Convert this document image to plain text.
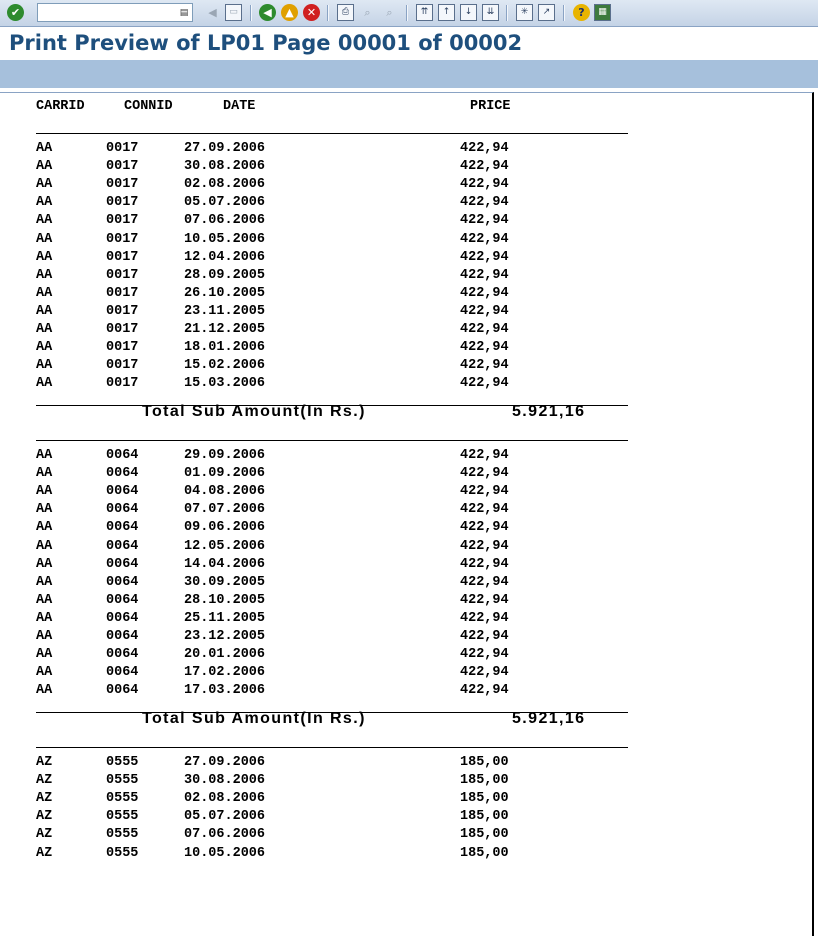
✔	▤	◀	▭	◀	▲	✕	⎙	⌕	⌕	⇈	↑	↓	⇊	✳	↗	?	▦
Print Preview of LP01 Page 00001 of 00002
CARRID	CONNID	DATE	PRICE
AA	0017	27.09.2006	422,94
AA	0017	30.08.2006	422,94
AA	0017	02.08.2006	422,94
AA	0017	05.07.2006	422,94
AA	0017	07.06.2006	422,94
AA	0017	10.05.2006	422,94
AA	0017	12.04.2006	422,94
AA	0017	28.09.2005	422,94
AA	0017	26.10.2005	422,94
AA	0017	23.11.2005	422,94
AA	0017	21.12.2005	422,94
AA	0017	18.01.2006	422,94
AA	0017	15.02.2006	422,94
AA	0017	15.03.2006	422,94
Total Sub Amount(In Rs.)	5.921,16
AA	0064	29.09.2006	422,94
AA	0064	01.09.2006	422,94
AA	0064	04.08.2006	422,94
AA	0064	07.07.2006	422,94
AA	0064	09.06.2006	422,94
AA	0064	12.05.2006	422,94
AA	0064	14.04.2006	422,94
AA	0064	30.09.2005	422,94
AA	0064	28.10.2005	422,94
AA	0064	25.11.2005	422,94
AA	0064	23.12.2005	422,94
AA	0064	20.01.2006	422,94
AA	0064	17.02.2006	422,94
AA	0064	17.03.2006	422,94
Total Sub Amount(In Rs.)	5.921,16
AZ	0555	27.09.2006	185,00
AZ	0555	30.08.2006	185,00
AZ	0555	02.08.2006	185,00
AZ	0555	05.07.2006	185,00
AZ	0555	07.06.2006	185,00
AZ	0555	10.05.2006	185,00
